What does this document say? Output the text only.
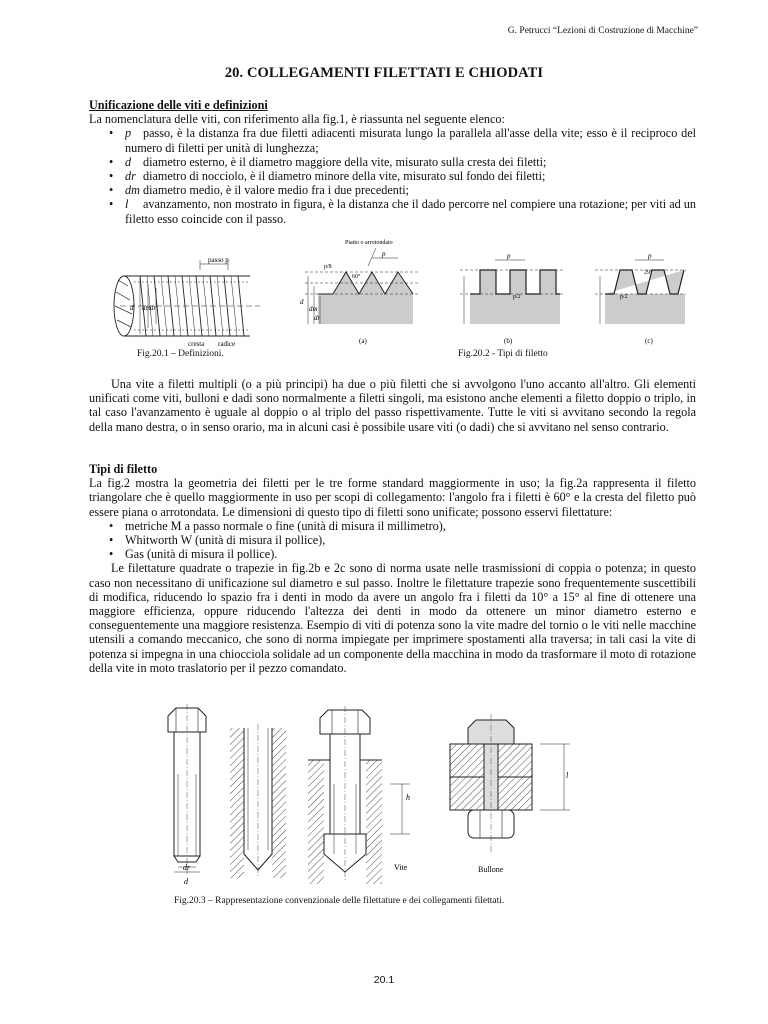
G. Petrucci “Lezioni di Costruzione di Macchine”
20. COLLEGAMENTI FILETTATI E CHIODATI
Unificazione delle viti e definizioni
La nomenclatura delle viti, con riferimento alla fig.1, è riassunta nel seguente elenco:
• p passo, è la distanza fra due filetti adiacenti misurata lungo la parallela all'asse della vite; esso è il reciproco del numero di filetti per unità di lunghezza;
• d diametro esterno, è il diametro maggiore della vite, misurato sulla cresta dei filetti;
• dr diametro di nocciolo, è il diametro minore della vite, misurato sul fondo dei filetti;
• dm diametro medio, è il valore medio fra i due precedenti;
• l avanzamento, non mostrato in figura, è la distanza che il dado percorre nel compiere una rotazione; per viti ad un filetto esso coincide con il passo.
passo p
d dm dr
cresta radice
Piatto o arrotondato
p/8
p
60°
d
dm
dr
(a)
p
p/2
(b)
p
29°
p/2
(c)
Fig.20.1 – Definizioni.	Fig.20.2 - Tipi di filetto
Una vite a filetti multipli (o a più principi) ha due o più filetti che si avvolgono l'uno accanto all'altro. Gli elementi unificati come viti, bulloni e dadi sono normalmente a filetti singoli, ma esistono anche elementi a filetto doppio o triplo, in tal caso l'avanzamento è uguale al doppio o al triplo del passo rispettivamente. Tutte le viti si avvitano secondo la regola della mano destra, o in senso orario, ma in alcuni casi è possibile usare viti (o dadi) che si avvitano nel senso contrario.
Tipi di filetto
La fig.2 mostra la geometria dei filetti per le tre forme standard maggiormente in uso; la fig.2a rappresenta il filetto triangolare che è quello maggiormente in uso per scopi di collegamento: l'angolo fra i filetti è 60° e la cresta del filetto può essere piana o arrotondata. Le dimensioni di questo tipo di filetti sono unificate; possono esservi filettature:
• metriche M a passo normale o fine (unità di misura il millimetro),
• Whitworth W (unità di misura il pollice),
• Gas (unità di misura il pollice).
Le filettature quadrate o trapezie in fig.2b e 2c sono di norma usate nelle trasmissioni di coppia o potenza; in questo caso non necessitano di unificazione sul diametro e sul passo. Inoltre le filettature trapezie sono frequentemente suscettibili di modifica, riducendo lo spazio fra i denti in modo da avere un angolo fra i filetti da 10° a 15° al fine di ottenere una maggiore efficienza, oppure riducendo l'altezza dei denti in modo da ottenere un minor diametro esterno e conseguentemente una maggiore resistenza. Esempio di viti di potenza sono la vite madre del tornio o le viti nelle macchine utensili a comando meccanico, che sono di norma impiegate per imprimere spostamenti alla traversa; in tali casi la vite di potenza si impegna in una chiocciola solidale ad un componente della macchina in modo da trasformare il moto di rotazione della vite in moto traslatorio per il pezzo comandato.
dr
d
h
Vite
l
Bullone
Fig.20.3 – Rappresentazione convenzionale delle filettature e dei collegamenti filettati.
20.1
